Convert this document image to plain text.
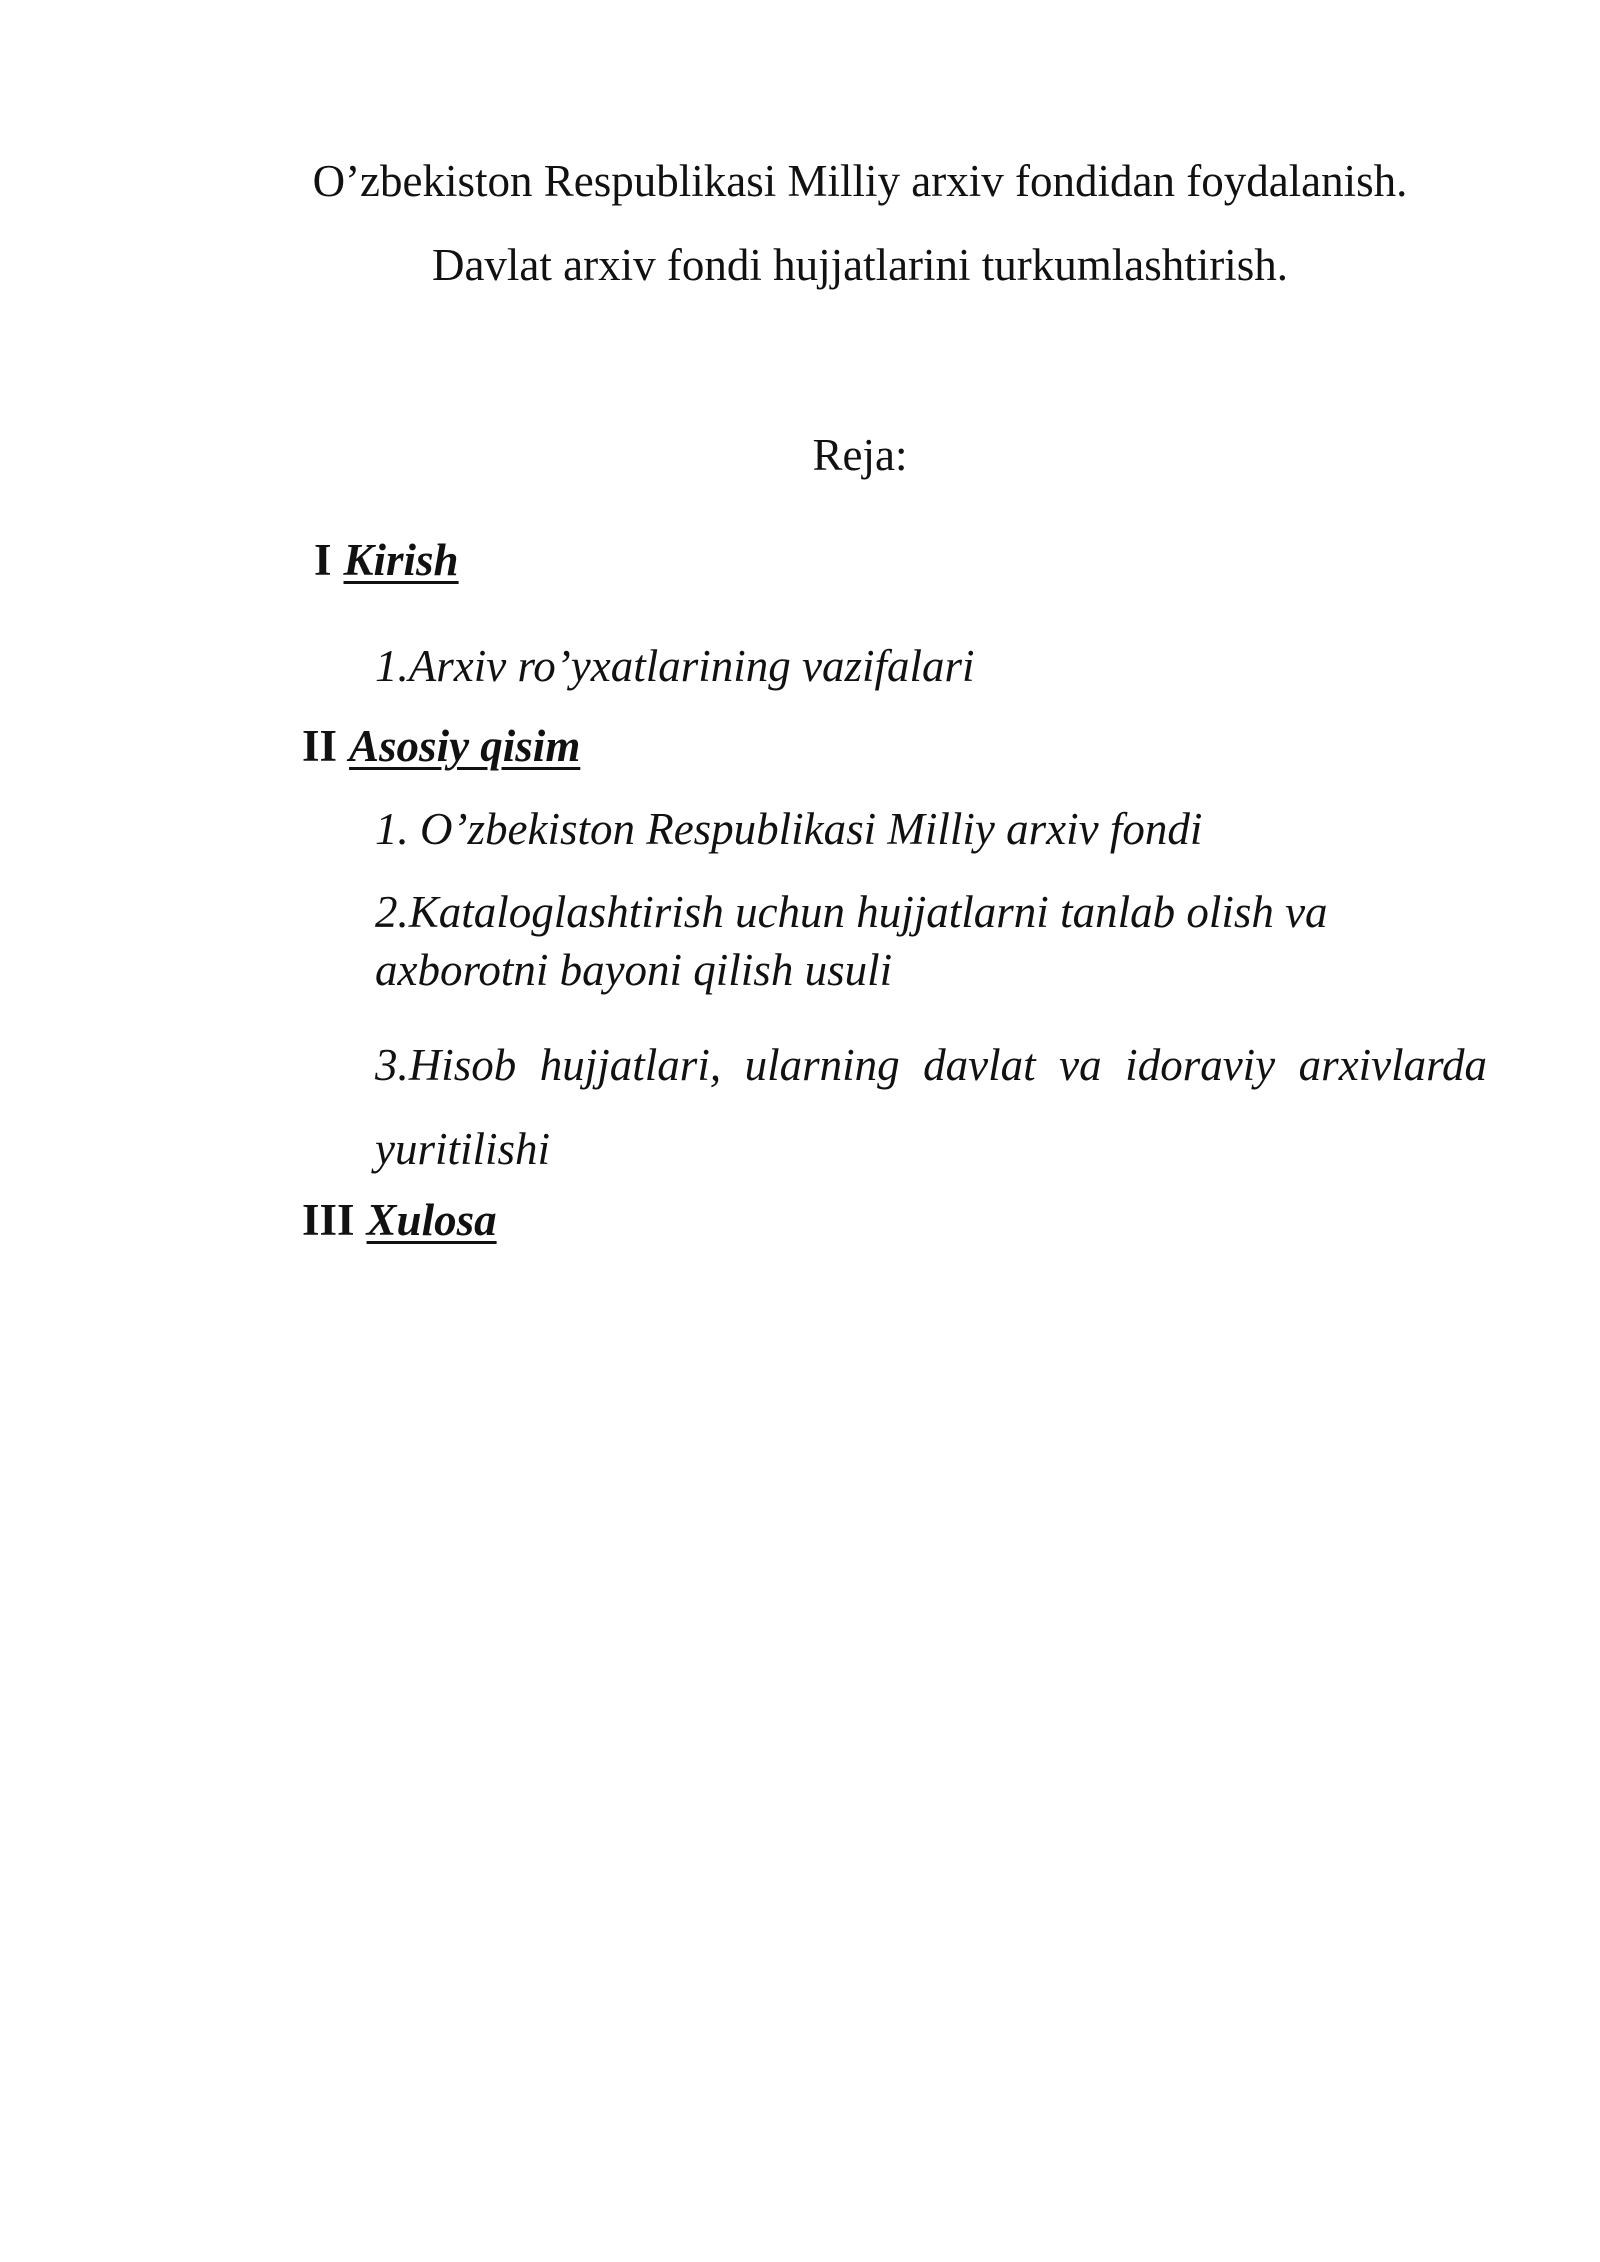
O’zbekiston Respublikasi Milliy arxiv fondidan foydalanish.
Davlat arxiv fondi hujjatlarini turkumlashtirish.
Reja:
I Kirish
1.Arxiv ro’yxatlarining vazifalari
II Asosiy qisim
1. O’zbekiston Respublikasi Milliy arxiv fondi
2.Kataloglashtirish uchun hujjatlarni tanlab olish va axborotni bayoni qilish usuli
3.Hisob hujjatlari, ularning davlat va idoraviy arxivlarda yuritilishi
III Xulosa
